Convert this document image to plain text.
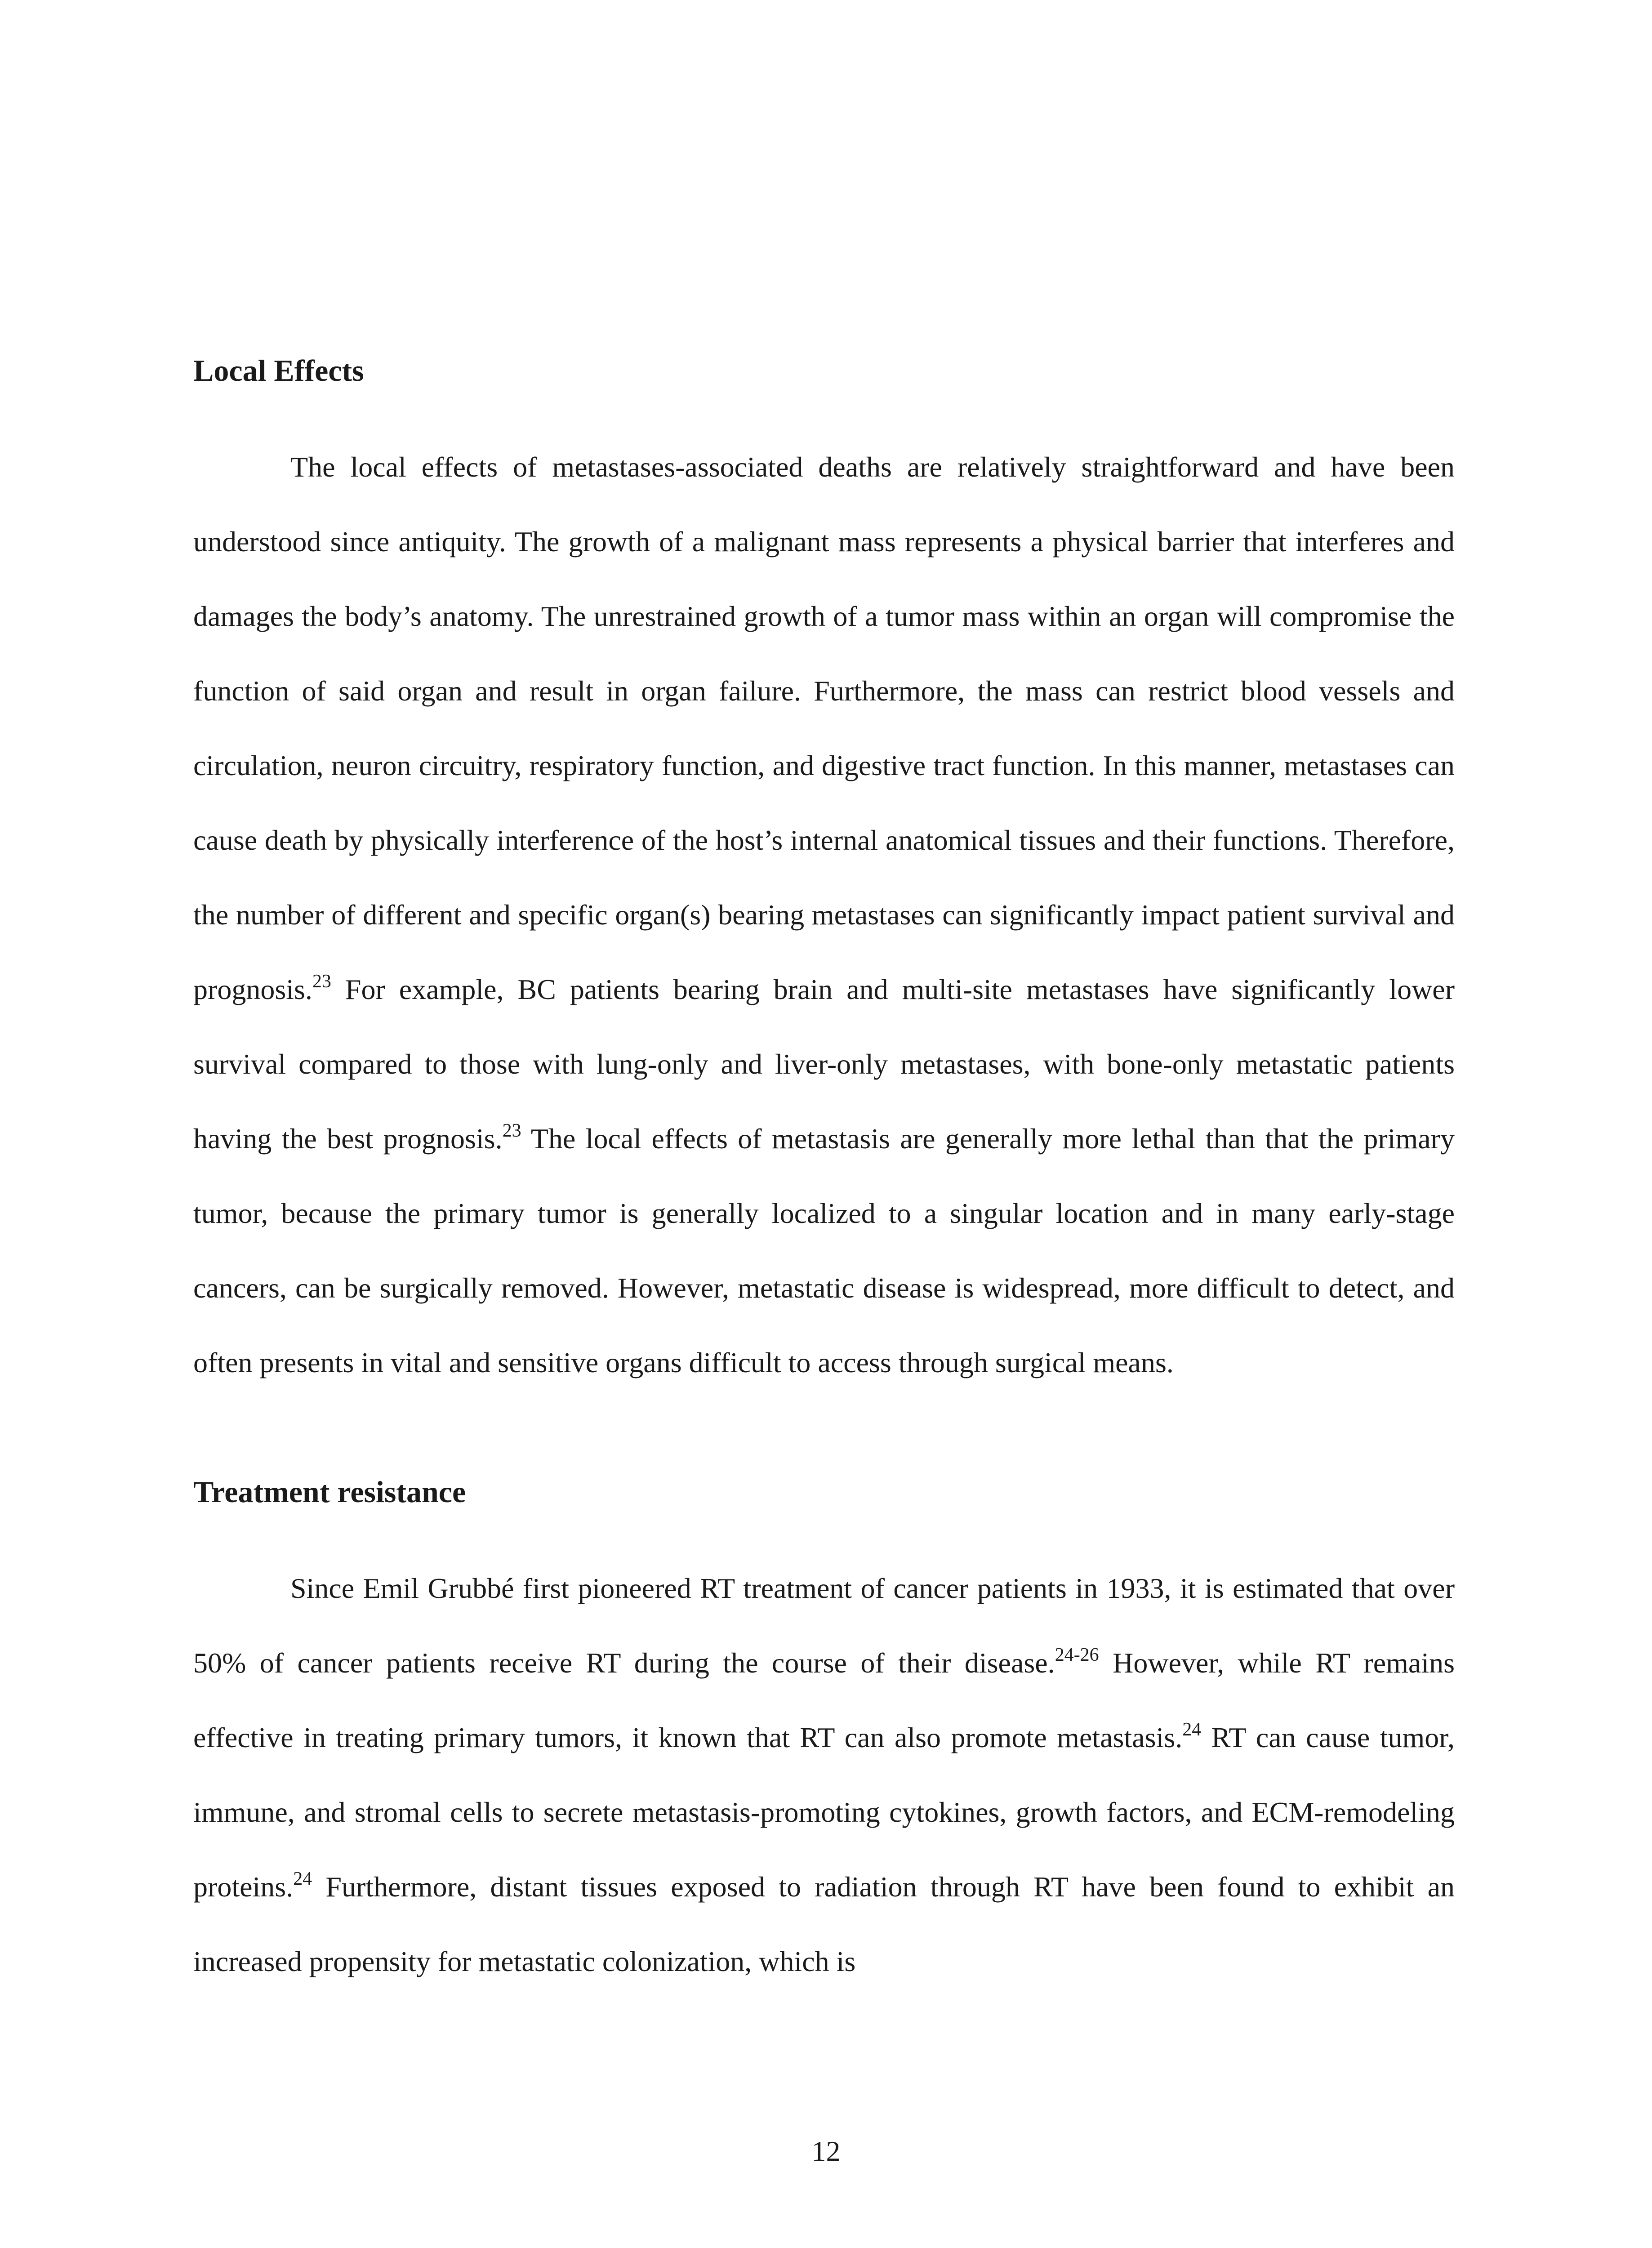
Local Effects

The local effects of metastases-associated deaths are relatively straightforward and have been understood since antiquity. The growth of a malignant mass represents a physical barrier that interferes and damages the body’s anatomy. The unrestrained growth of a tumor mass within an organ will compromise the function of said organ and result in organ failure. Furthermore, the mass can restrict blood vessels and circulation, neuron circuitry, respiratory function, and digestive tract function. In this manner, metastases can cause death by physically interference of the host’s internal anatomical tissues and their functions. Therefore, the number of different and specific organ(s) bearing metastases can significantly impact patient survival and prognosis.$^{23}$ For example, BC patients bearing brain and multi-site metastases have significantly lower survival compared to those with lung-only and liver-only metastases, with bone-only metastatic patients having the best prognosis.$^{23}$ The local effects of metastasis are generally more lethal than that the primary tumor, because the primary tumor is generally localized to a singular location and in many early-stage cancers, can be surgically removed. However, metastatic disease is widespread, more difficult to detect, and often presents in vital and sensitive organs difficult to access through surgical means.

Treatment resistance

Since Emil Grubbé first pioneered RT treatment of cancer patients in 1933, it is estimated that over 50% of cancer patients receive RT during the course of their disease.$^{24-26}$ However, while RT remains effective in treating primary tumors, it known that RT can also promote metastasis.$^{24}$ RT can cause tumor, immune, and stromal cells to secrete metastasis-promoting cytokines, growth factors, and ECM-remodeling proteins.$^{24}$ Furthermore, distant tissues exposed to radiation through RT have been found to exhibit an increased propensity for metastatic colonization, which is

12
